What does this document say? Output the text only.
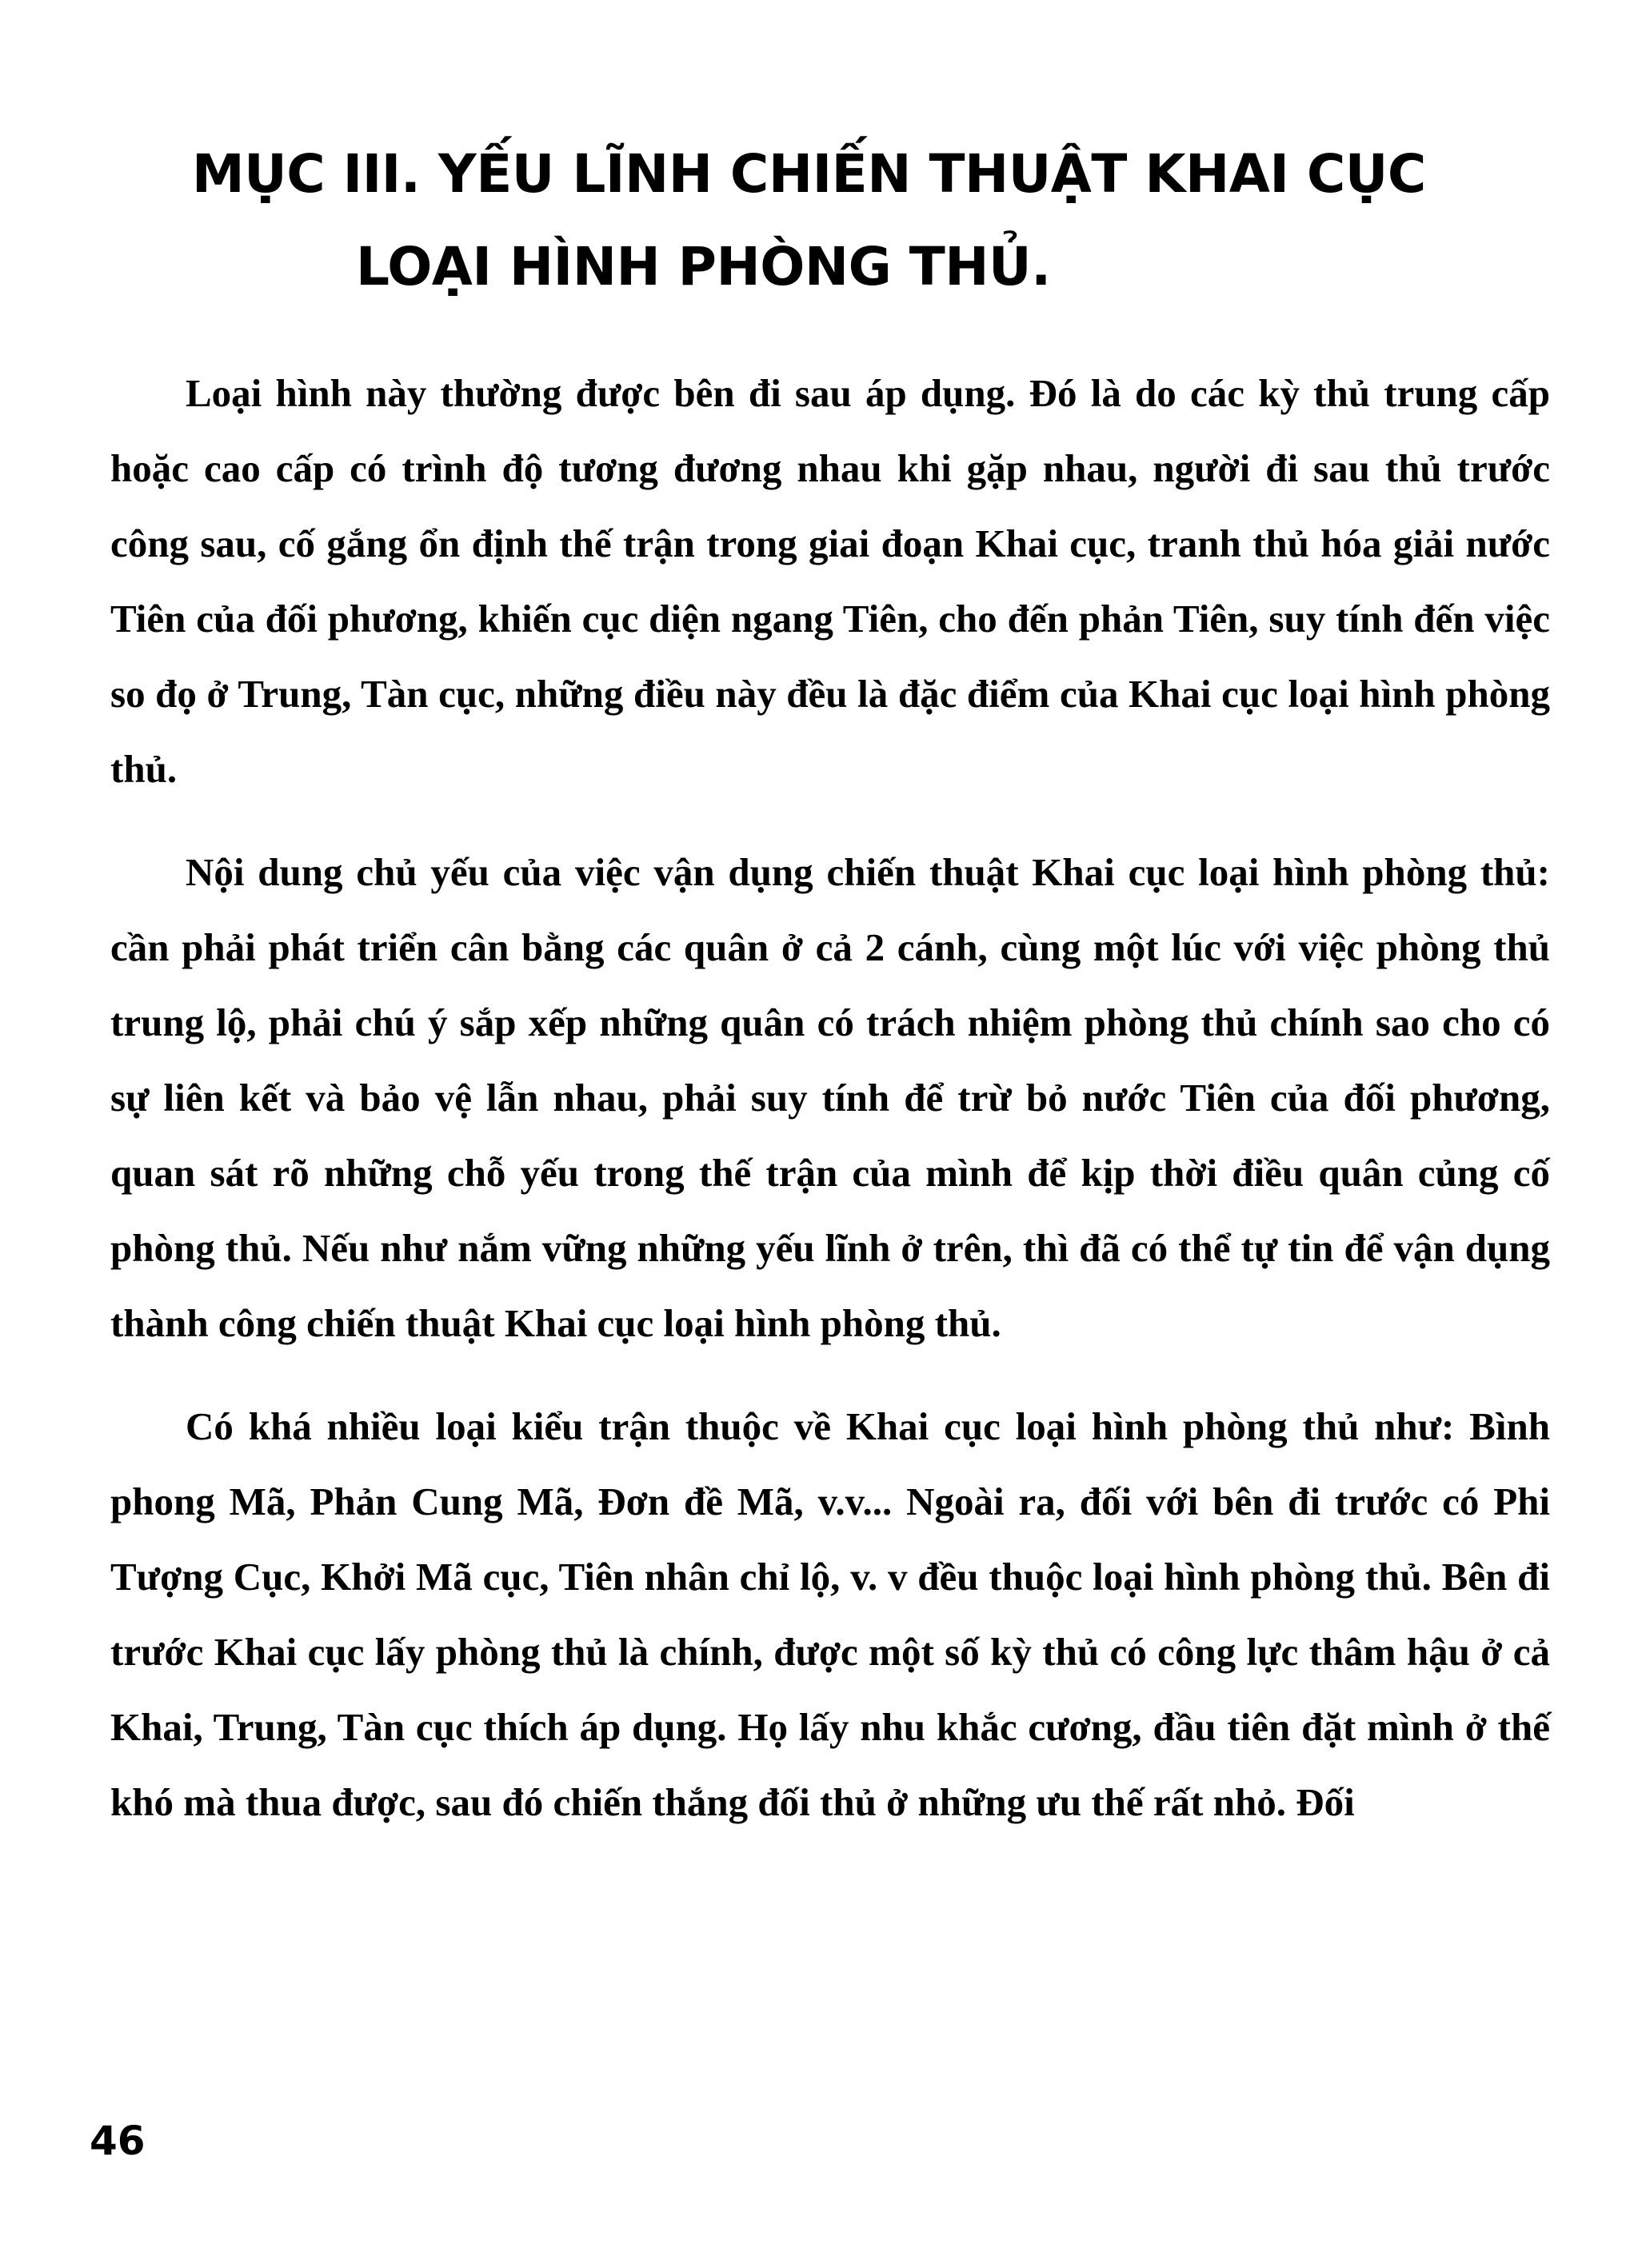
MỤC III. YẾU LĨNH CHIẾN THUẬT KHAI CỤC
LOẠI HÌNH PHÒNG THỦ.

Loại hình này thường được bên đi sau áp dụng. Đó là do các kỳ thủ trung cấp hoặc cao cấp có trình độ tương đương nhau khi gặp nhau, người đi sau thủ trước công sau, cố gắng ổn định thế trận trong giai đoạn Khai cục, tranh thủ hóa giải nước Tiên của đối phương, khiến cục diện ngang Tiên, cho đến phản Tiên, suy tính đến việc so đọ ở Trung, Tàn cục, những điều này đều là đặc điểm của Khai cục loại hình phòng thủ.

Nội dung chủ yếu của việc vận dụng chiến thuật Khai cục loại hình phòng thủ: cần phải phát triển cân bằng các quân ở cả 2 cánh, cùng một lúc với việc phòng thủ trung lộ, phải chú ý sắp xếp những quân có trách nhiệm phòng thủ chính sao cho có sự liên kết và bảo vệ lẫn nhau, phải suy tính để trừ bỏ nước Tiên của đối phương, quan sát rõ những chỗ yếu trong thế trận của mình để kịp thời điều quân củng cố phòng thủ. Nếu như nắm vững những yếu lĩnh ở trên, thì đã có thể tự tin để vận dụng thành công chiến thuật Khai cục loại hình phòng thủ.

Có khá nhiều loại kiểu trận thuộc về Khai cục loại hình phòng thủ như: Bình phong Mã, Phản Cung Mã, Đơn đề Mã, v.v... Ngoài ra, đối với bên đi trước có Phi Tượng Cục, Khởi Mã cục, Tiên nhân chỉ lộ, v. v đều thuộc loại hình phòng thủ. Bên đi trước Khai cục lấy phòng thủ là chính, được một số kỳ thủ có công lực thâm hậu ở cả Khai, Trung, Tàn cục thích áp dụng. Họ lấy nhu khắc cương, đầu tiên đặt mình ở thế khó mà thua được, sau đó chiến thắng đối thủ ở những ưu thế rất nhỏ. Đối

46
